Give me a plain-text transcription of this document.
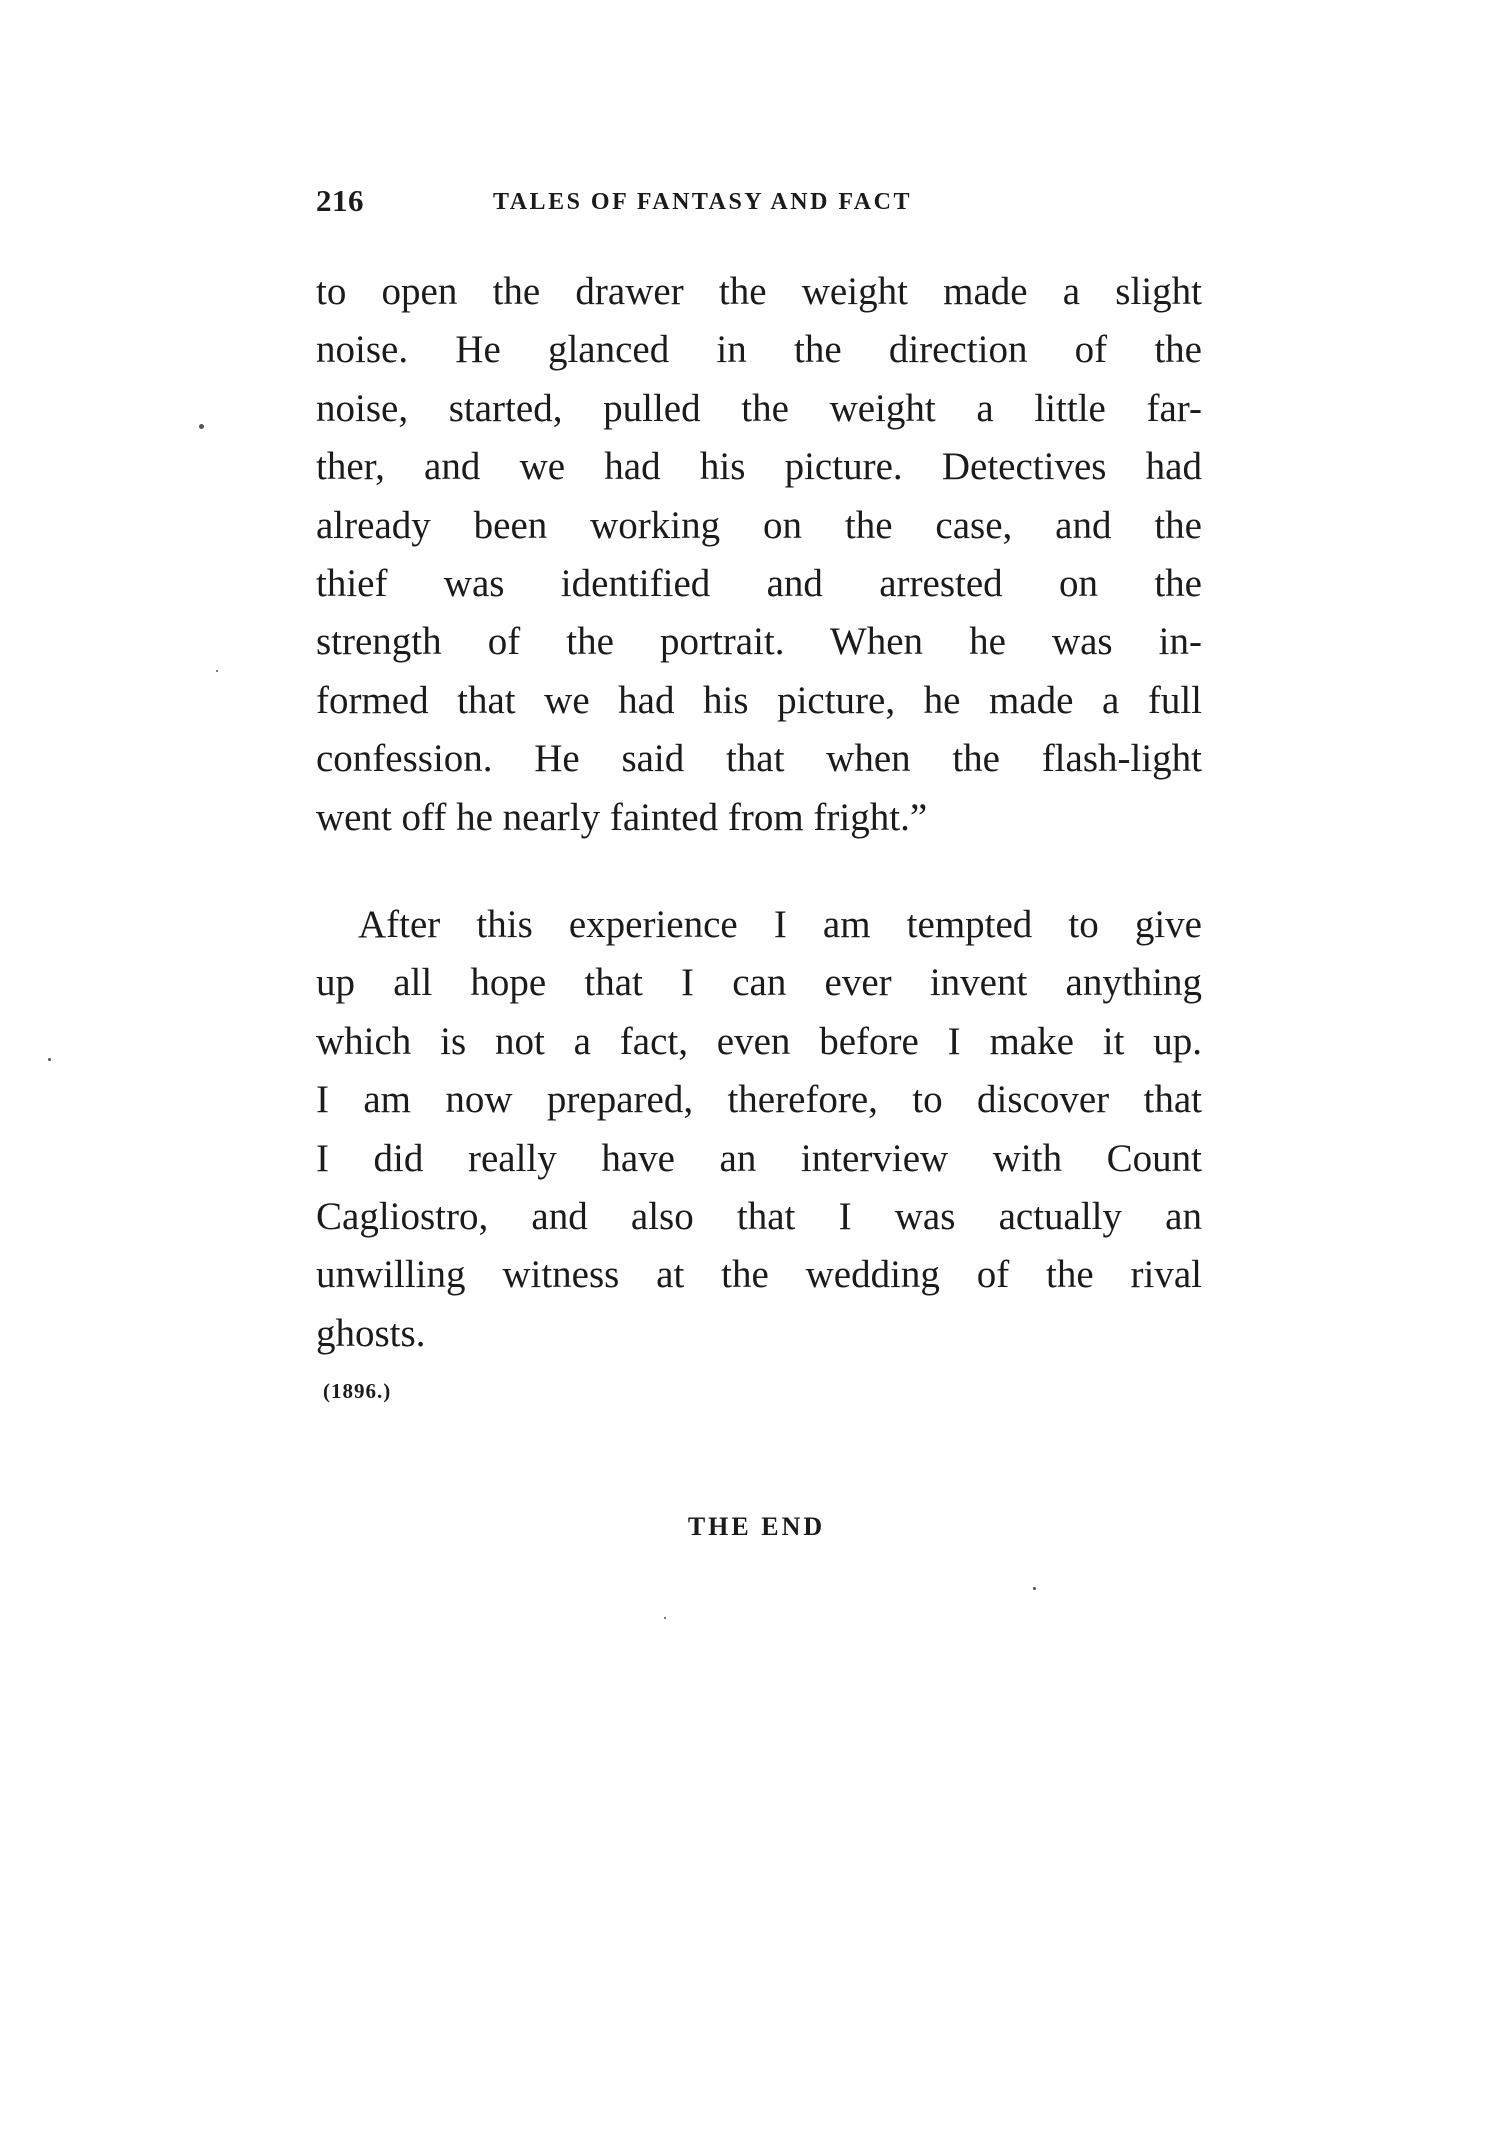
216	TALES OF FANTASY AND FACT
to open the drawer the weight made a slight
noise. He glanced in the direction of the
noise, started, pulled the weight a little far-
ther, and we had his picture. Detectives had
already been working on the case, and the
thief was identified and arrested on the
strength of the portrait. When he was in-
formed that we had his picture, he made a full
confession. He said that when the flash-light
went off he nearly fainted from fright.”
After this experience I am tempted to give
up all hope that I can ever invent anything
which is not a fact, even before I make it up.
I am now prepared, therefore, to discover that
I did really have an interview with Count
Cagliostro, and also that I was actually an
unwilling witness at the wedding of the rival
ghosts.
(1896.)
THE END
